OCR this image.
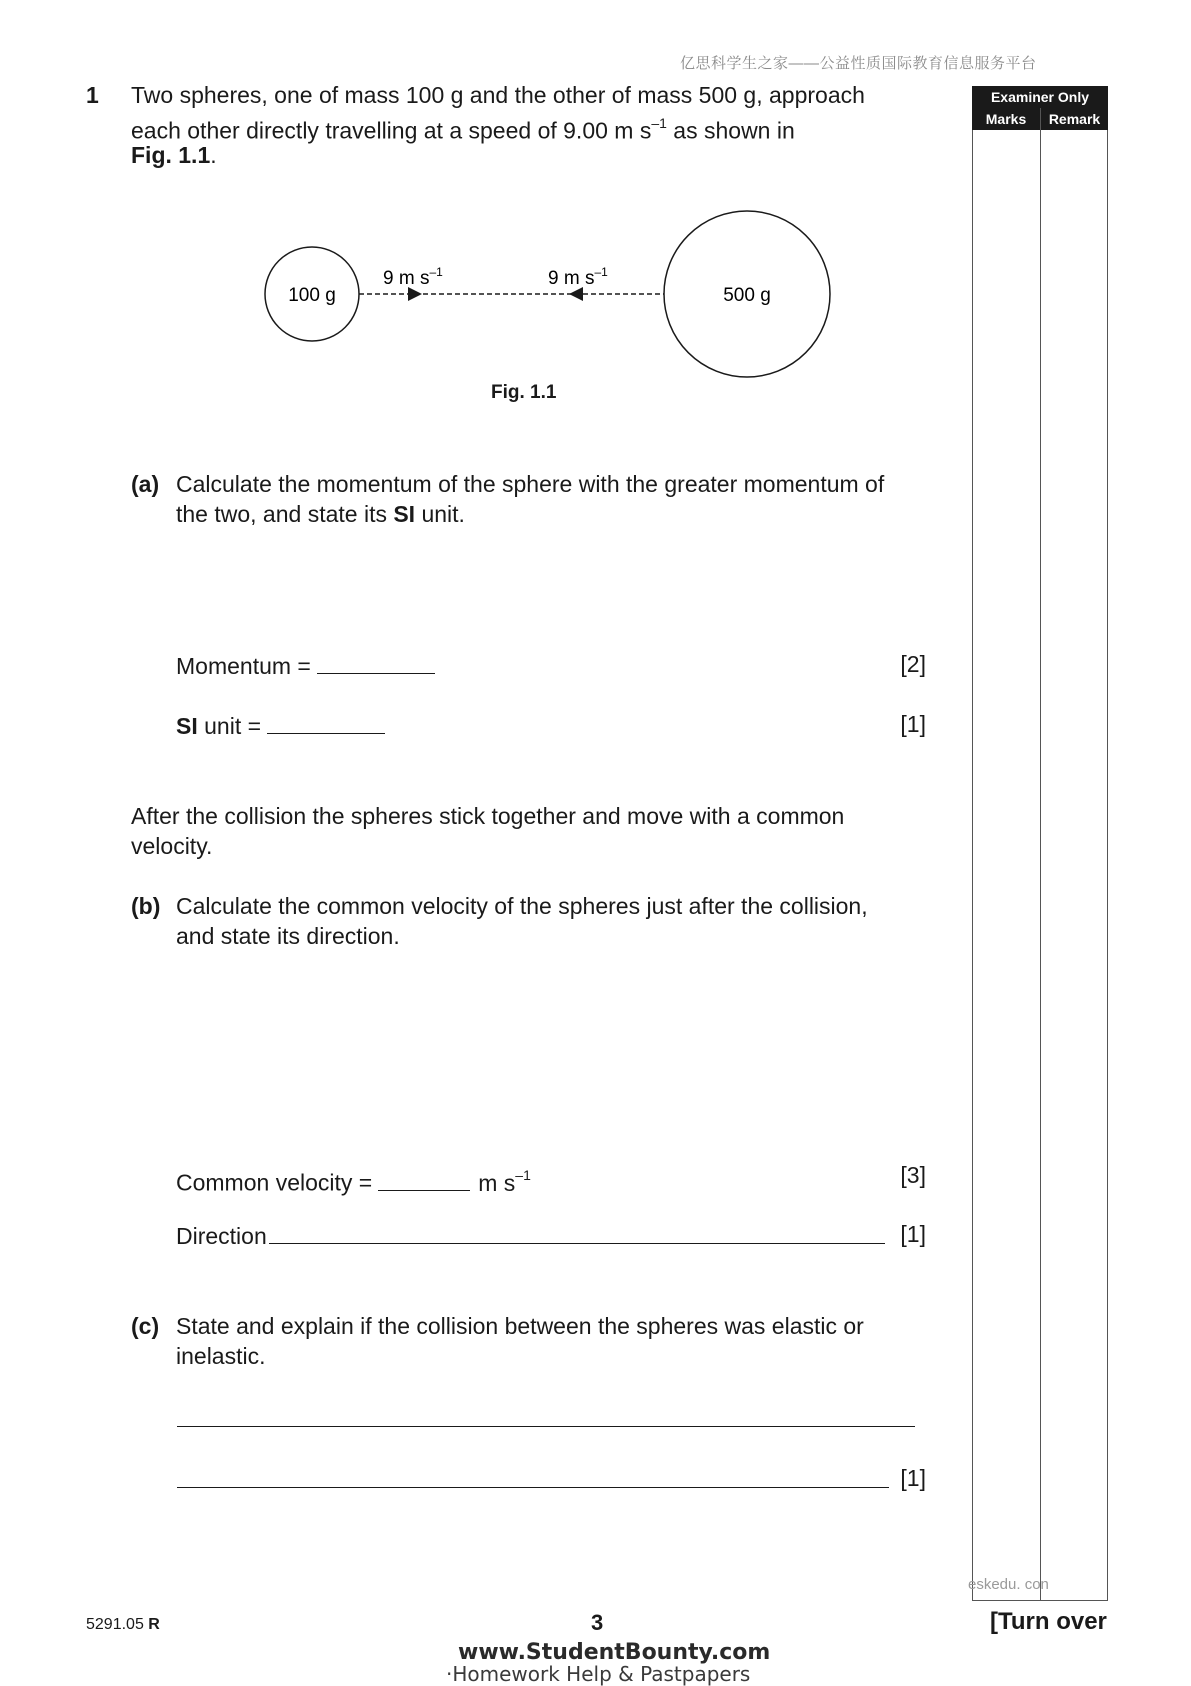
亿思科学生之家——公益性质国际教育信息服务平台
Examiner Only
Marks	Remark
1 Two spheres, one of mass 100 g and the other of mass 500 g, approach
each other directly travelling at a speed of 9.00 m $s^{-1}$ as shown in
Fig. 1.1.
100 g	500 g
9 m $s^{-1}$	9 m $s^{-1}$
Fig. 1.1
(a) Calculate the momentum of the sphere with the greater momentum of
the two, and state its SI unit.
Momentum =	[2]
SI unit =	[1]
After the collision the spheres stick together and move with a common
velocity.
(b) Calculate the common velocity of the spheres just after the collision,
and state its direction.
Common velocity =	m $s^{-1}$	[3]
Direction	[1]
(c) State and explain if the collision between the spheres was elastic or
inelastic.
[1]
eskedu. con
5291.05 R	3	[Turn over
www.StudentBounty.com
·Homework Help & Pastpapers
